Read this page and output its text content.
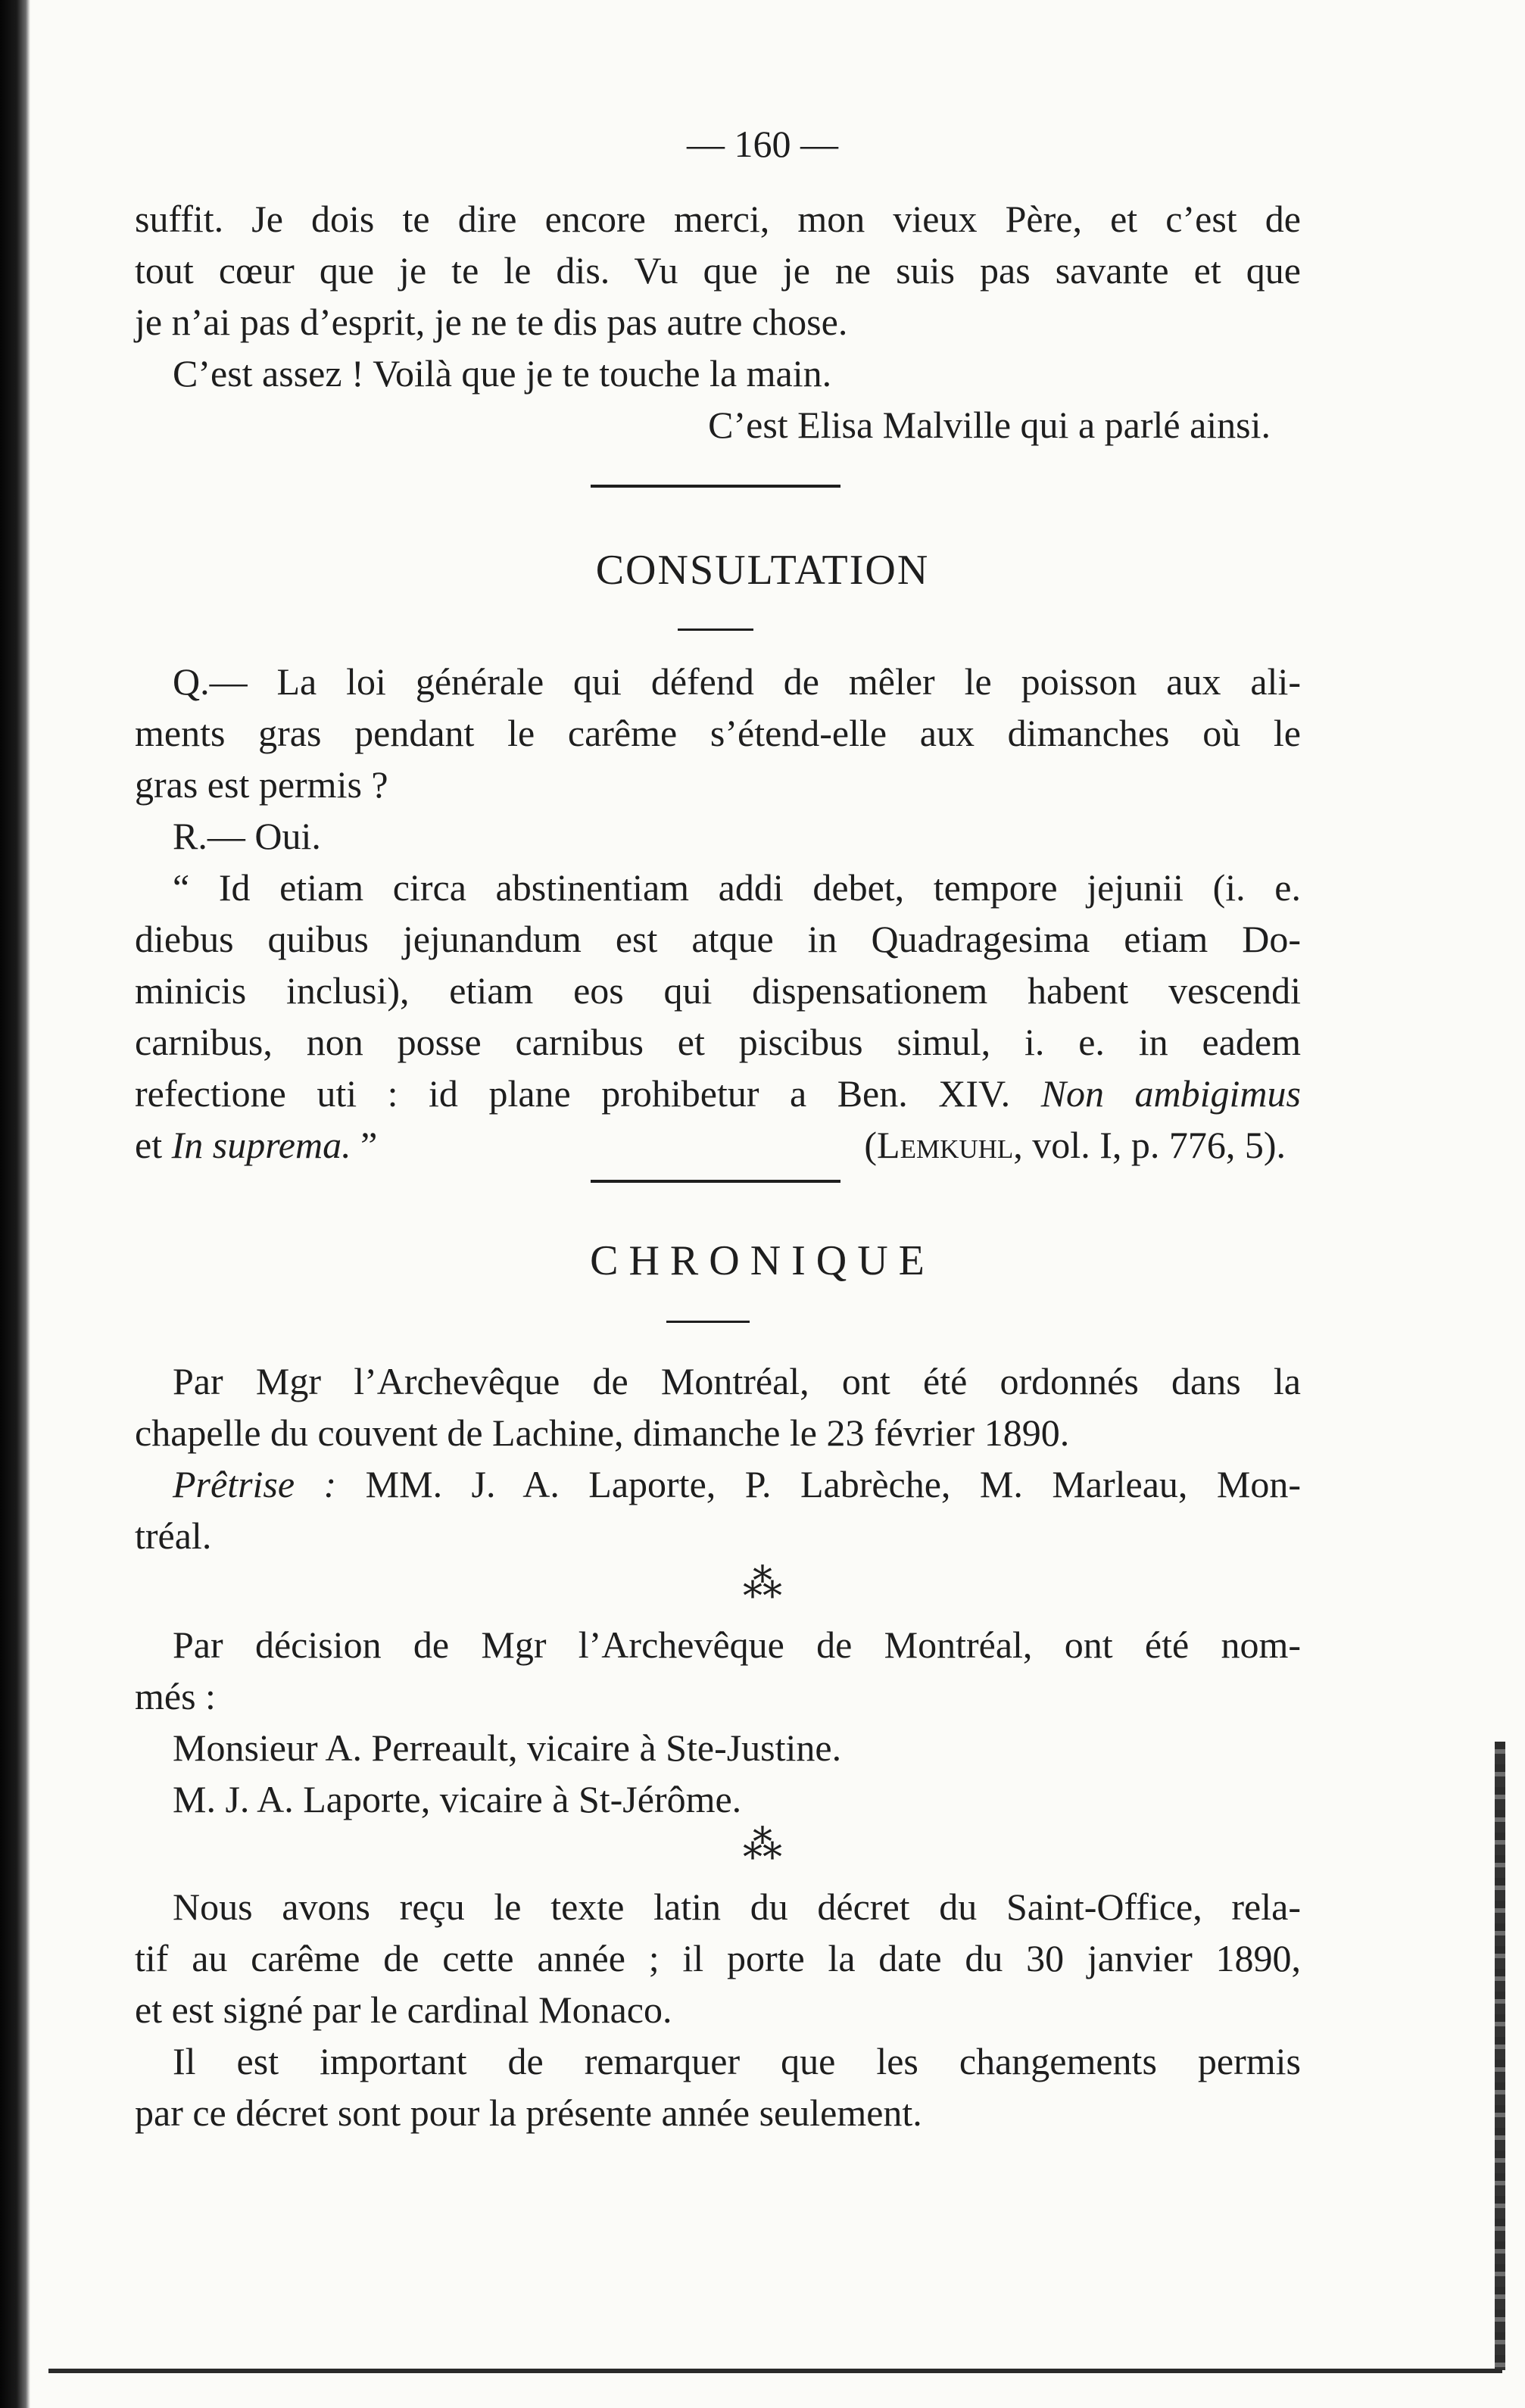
— 160 —
suffit. Je dois te dire encore merci, mon vieux Père, et c’est de
tout cœur que je te le dis. Vu que je ne suis pas savante et que
je n’ai pas d’esprit, je ne te dis pas autre chose.
C’est assez ! Voilà que je te touche la main.
C’est Elisa Malville qui a parlé ainsi.
CONSULTATION
Q.— La loi générale qui défend de mêler le poisson aux ali-
ments gras pendant le carême s’étend-elle aux dimanches où le
gras est permis ?
R.— Oui.
“ Id etiam circa abstinentiam addi debet, tempore jejunii (i. e.
diebus quibus jejunandum est atque in Quadragesima etiam Do-
minicis inclusi), etiam eos qui dispensationem habent vescendi
carnibus, non posse carnibus et piscibus simul, i. e. in eadem
refectione uti : id plane prohibetur a Ben. XIV. Non ambigimus
et In suprema. ”	(Lemkuhl, vol. I, p. 776, 5).
CHRONIQUE
Par Mgr l’Archevêque de Montréal, ont été ordonnés dans la
chapelle du couvent de Lachine, dimanche le 23 février 1890.
Prêtrise : MM. J. A. Laporte, P. Labrèche, M. Marleau, Mon-
tréal.
⁂
Par décision de Mgr l’Archevêque de Montréal, ont été nom-
més :
Monsieur A. Perreault, vicaire à Ste-Justine.
M. J. A. Laporte, vicaire à St-Jérôme.
⁂
Nous avons reçu le texte latin du décret du Saint-Office, rela-
tif au carême de cette année ; il porte la date du 30 janvier 1890,
et est signé par le cardinal Monaco.
Il est important de remarquer que les changements permis
par ce décret sont pour la présente année seulement.
